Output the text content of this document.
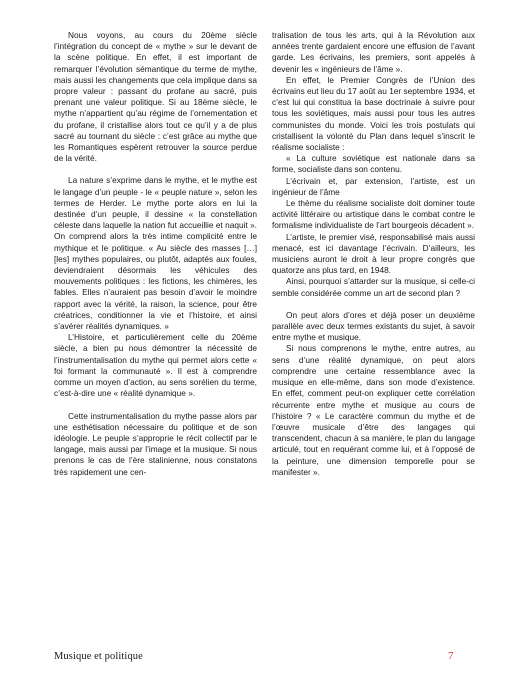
Nous voyons, au cours du 20ème siècle l’intégration du concept de « mythe » sur le devant de la scène politique. En effet, il est important de remarquer l’évolution sémantique du terme de mythe, mais aussi les changements que cela implique dans sa propre valeur : passant du profane au sacré, puis prenant une valeur politique. Si au 18ème siècle, le mythe n’appartient qu’au régime de l’ornementation et du profane, il cristallise alors tout ce qu’il y a de plus sacré au tournant du siècle : c’est grâce au mythe que les Romantiques espèrent retrouver la source perdue de la vérité.

La nature s’exprime dans le mythe, et le mythe est le langage d’un peuple - le « peuple nature », selon les termes de Herder. Le mythe porte alors en lui la destinée d’un peuple, il dessine « la constellation céleste dans laquelle la nation fut accueillie et naquit ». On comprend alors la très intime complicité entre le mythique et le politique. « Au siècle des masses […] [les] mythes populaires, ou plutôt, adaptés aux foules, deviendraient désormais les véhicules des mouvements politiques : les fictions, les chimères, les fables. Elles n’auraient pas besoin d’avoir le moindre rapport avec la vérité, la raison, la science, pour être créatrices, conditionner la vie et l’histoire, et ainsi s’avérer réalités dynamiques. »

L’Histoire, et particulièrement celle du 20ème siècle, a bien pu nous démontrer la nécessité de l’instrumentalisation du mythe qui permet alors cette « foi formant la communauté ». Il est à comprendre comme un moyen d’action, au sens sorélien du terme, c’est-à-dire une « réalité dynamique ».

Cette instrumentalisation du mythe passe alors par une esthétisation nécessaire du politique et de son idéologie. Le peuple s’approprie le récit collectif par le langage, mais aussi par l’image et la musique. Si nous prenons le cas de l’ère stalinienne, nous constatons très rapidement une cen-

tralisation de tous les arts, qui à la Révolution aux années trente gardaient encore une effusion de l’avant garde. Les écrivains, les premiers, sont appelés à devenir les « ingénieurs de l’âme ».

En effet, le Premier Congrès de l’Union des écrivains eut lieu du 17 août au 1er septembre 1934, et c’est lui qui constitua la base doctrinale à suivre pour tous les soviétiques, mais aussi pour tous les autres communistes du monde. Voici les trois postulats qui cristallisent la volonté du Plan dans lequel s’inscrit le réalisme socialiste :

« La culture soviétique est nationale dans sa forme, socialiste dans son contenu.

L’écrivain et, par extension, l’artiste, est un ingénieur de l’âme

Le thème du réalisme socialiste doit dominer toute activité littéraire ou artistique dans le combat contre le formalisme individualiste de l’art bourgeois décadent ».

L’artiste, le premier visé, responsabilisé mais aussi menacé, est ici davantage l’écrivain. D’ailleurs, les musiciens auront le droit à leur propre congrès que quatorze ans plus tard, en 1948.

Ainsi, pourquoi s’attarder sur la musique, si celle-ci semble considérée comme un art de second plan ?

On peut alors d’ores et déjà poser un deuxième parallèle avec deux termes existants du sujet, à savoir entre mythe et musique.

Si nous comprenons le mythe, entre autres, au sens d’une réalité dynamique, on peut alors comprendre une certaine ressemblance avec la musique en elle-même, dans son mode d’existence. En effet, comment peut-on expliquer cette corrélation récurrente entre mythe et musique au cours de l’histoire ? « Le caractère commun du mythe et de l’œuvre musicale d’être des langages qui transcendent, chacun à sa manière, le plan du langage articulé, tout en requérant comme lui, et à l’opposé de la peinture, une dimension temporelle pour se manifester ».

Musique et politique	7
